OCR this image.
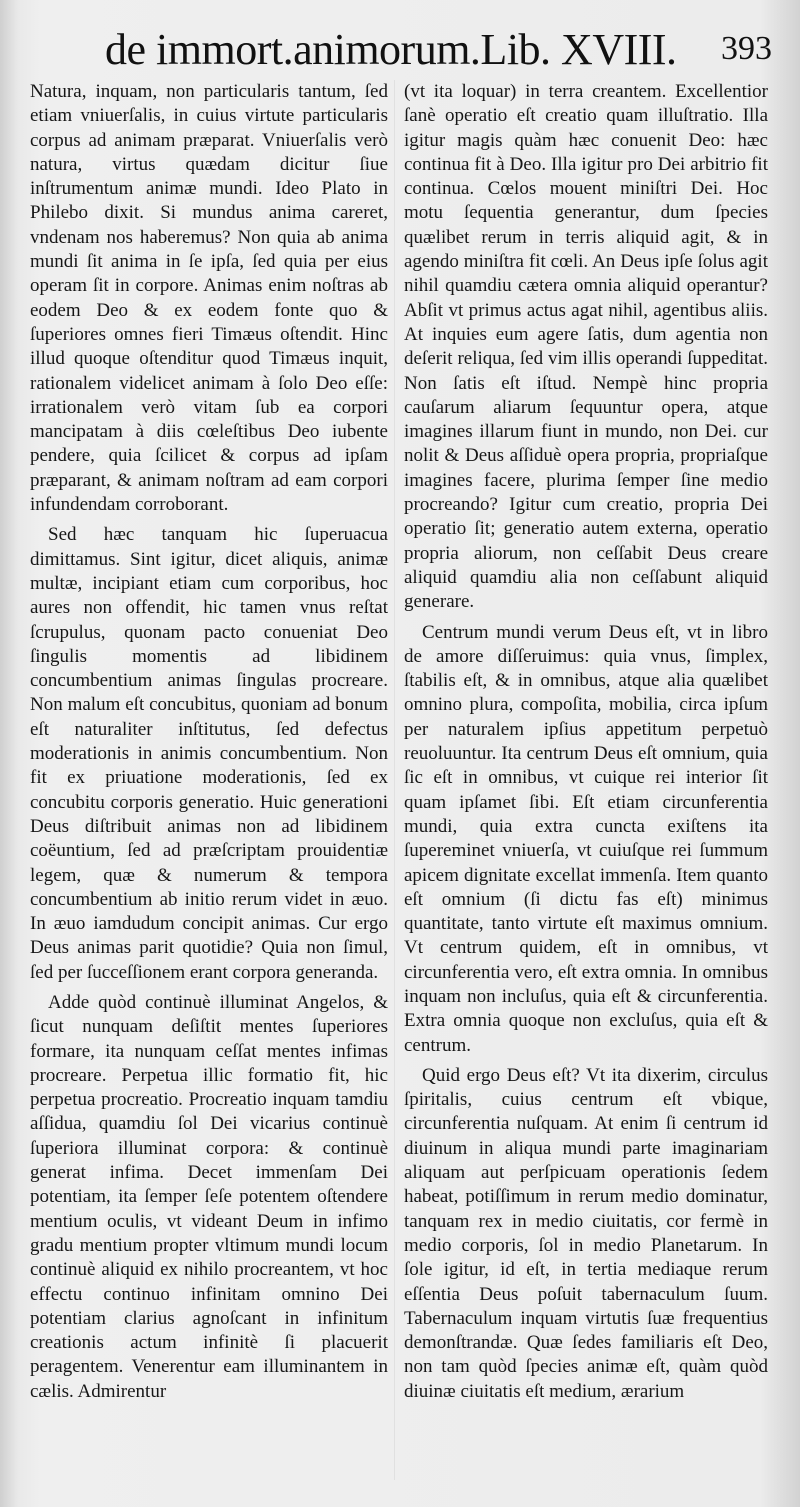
de immort.animorum.Lib. XVIII. 393

Natura, inquam, non particularis tantum, ſed etiam vniuerſalis, in cuius virtute particularis corpus ad animam præparat. Vniuerſalis verò natura, virtus quædam dicitur ſiue inſtrumentum animæ mundi. Ideo Plato in Philebo dixit. Si mundus anima careret, vndenam nos haberemus? Non quia ab anima mundi ſit anima in ſe ipſa, ſed quia per eius operam ſit in corpore. Animas enim noſtras ab eodem Deo & ex eodem fonte quo & ſuperiores omnes fieri Timæus oſtendit. Hinc illud quoque oſtenditur quod Timæus inquit, rationalem videlicet animam à ſolo Deo eſſe: irrationalem verò vitam ſub ea corpori mancipatam à diis cœleſtibus Deo iubente pendere, quia ſcilicet & corpus ad ipſam præparant, & animam noſtram ad eam corpori infundendam corroborant.

Sed hæc tanquam hic ſuperuacua dimittamus. Sint igitur, dicet aliquis, animæ multæ, incipiant etiam cum corporibus, hoc aures non offendit, hic tamen vnus reſtat ſcrupulus, quonam pacto conueniat Deo ſingulis momentis ad libidinem concumbentium animas ſingulas procreare. Non malum eſt concubitus, quoniam ad bonum eſt naturaliter inſtitutus, ſed defectus moderationis in animis concumbentium. Non fit ex priuatione moderationis, ſed ex concubitu corporis generatio. Huic generationi Deus diſtribuit animas non ad libidinem coëuntium, ſed ad præſcriptam prouidentiæ legem, quæ & numerum & tempora concumbentium ab initio rerum videt in æuo. In æuo iamdudum concipit animas. Cur ergo Deus animas parit quotidie? Quia non ſimul, ſed per ſucceſſionem erant corpora generanda.

Adde quòd continuè illuminat Angelos, & ſicut nunquam deſiſtit mentes ſuperiores formare, ita nunquam ceſſat mentes infimas procreare. Perpetua illic formatio fit, hic perpetua procreatio. Procreatio inquam tamdiu aſſidua, quamdiu ſol Dei vicarius continuè ſuperiora illuminat corpora: & continuè generat infima. Decet immenſam Dei potentiam, ita ſemper ſeſe potentem oſtendere mentium oculis, vt videant Deum in infimo gradu mentium propter vltimum mundi locum continuè aliquid ex nihilo procreantem, vt hoc effectu continuo infinitam omnino Dei potentiam clarius agnoſcant in infinitum creationis actum infinitè ſi placuerit peragentem. Venerentur eam illuminantem in cælis. Admirentur

(vt ita loquar) in terra creantem. Excellentior ſanè operatio eſt creatio quam illuſtratio. Illa igitur magis quàm hæc conuenit Deo: hæc continua fit à Deo. Illa igitur pro Dei arbitrio fit continua. Cœlos mouent miniſtri Dei. Hoc motu ſequentia generantur, dum ſpecies quælibet rerum in terris aliquid agit, & in agendo miniſtra fit cœli. An Deus ipſe ſolus agit nihil quamdiu cætera omnia aliquid operantur? Abſit vt primus actus agat nihil, agentibus aliis. At inquies eum agere ſatis, dum agentia non deſerit reliqua, ſed vim illis operandi ſuppeditat. Non ſatis eſt iſtud. Nempè hinc propria cauſarum aliarum ſequuntur opera, atque imagines illarum fiunt in mundo, non Dei. cur nolit & Deus aſſiduè opera propria, propriaſque imagines facere, plurima ſemper ſine medio procreando? Igitur cum creatio, propria Dei operatio ſit; generatio autem externa, operatio propria aliorum, non ceſſabit Deus creare aliquid quamdiu alia non ceſſabunt aliquid generare.

Centrum mundi verum Deus eſt, vt in libro de amore diſſeruimus: quia vnus, ſimplex, ſtabilis eſt, & in omnibus, atque alia quælibet omnino plura, compoſita, mobilia, circa ipſum per naturalem ipſius appetitum perpetuò reuoluuntur. Ita centrum Deus eſt omnium, quia ſic eſt in omnibus, vt cuique rei interior ſit quam ipſamet ſibi. Eſt etiam circunferentia mundi, quia extra cuncta exiſtens ita ſupereminet vniuerſa, vt cuiuſque rei ſummum apicem dignitate excellat immenſa. Item quanto eſt omnium (ſi dictu fas eſt) minimus quantitate, tanto virtute eſt maximus omnium. Vt centrum quidem, eſt in omnibus, vt circunferentia vero, eſt extra omnia. In omnibus inquam non incluſus, quia eſt & circunferentia. Extra omnia quoque non excluſus, quia eſt & centrum.

Quid ergo Deus eſt? Vt ita dixerim, circulus ſpiritalis, cuius centrum eſt vbique, circunferentia nuſquam. At enim ſi centrum id diuinum in aliqua mundi parte imaginariam aliquam aut perſpicuam operationis ſedem habeat, potiſſimum in rerum medio dominatur, tanquam rex in medio ciuitatis, cor fermè in medio corporis, ſol in medio Planetarum. In ſole igitur, id eſt, in tertia mediaque rerum eſſentia Deus poſuit tabernaculum ſuum. Tabernaculum inquam virtutis ſuæ frequentius demonſtrandæ. Quæ ſedes familiaris eſt Deo, non tam quòd ſpecies animæ eſt, quàm quòd diuinæ ciuitatis eſt medium, ærarium
